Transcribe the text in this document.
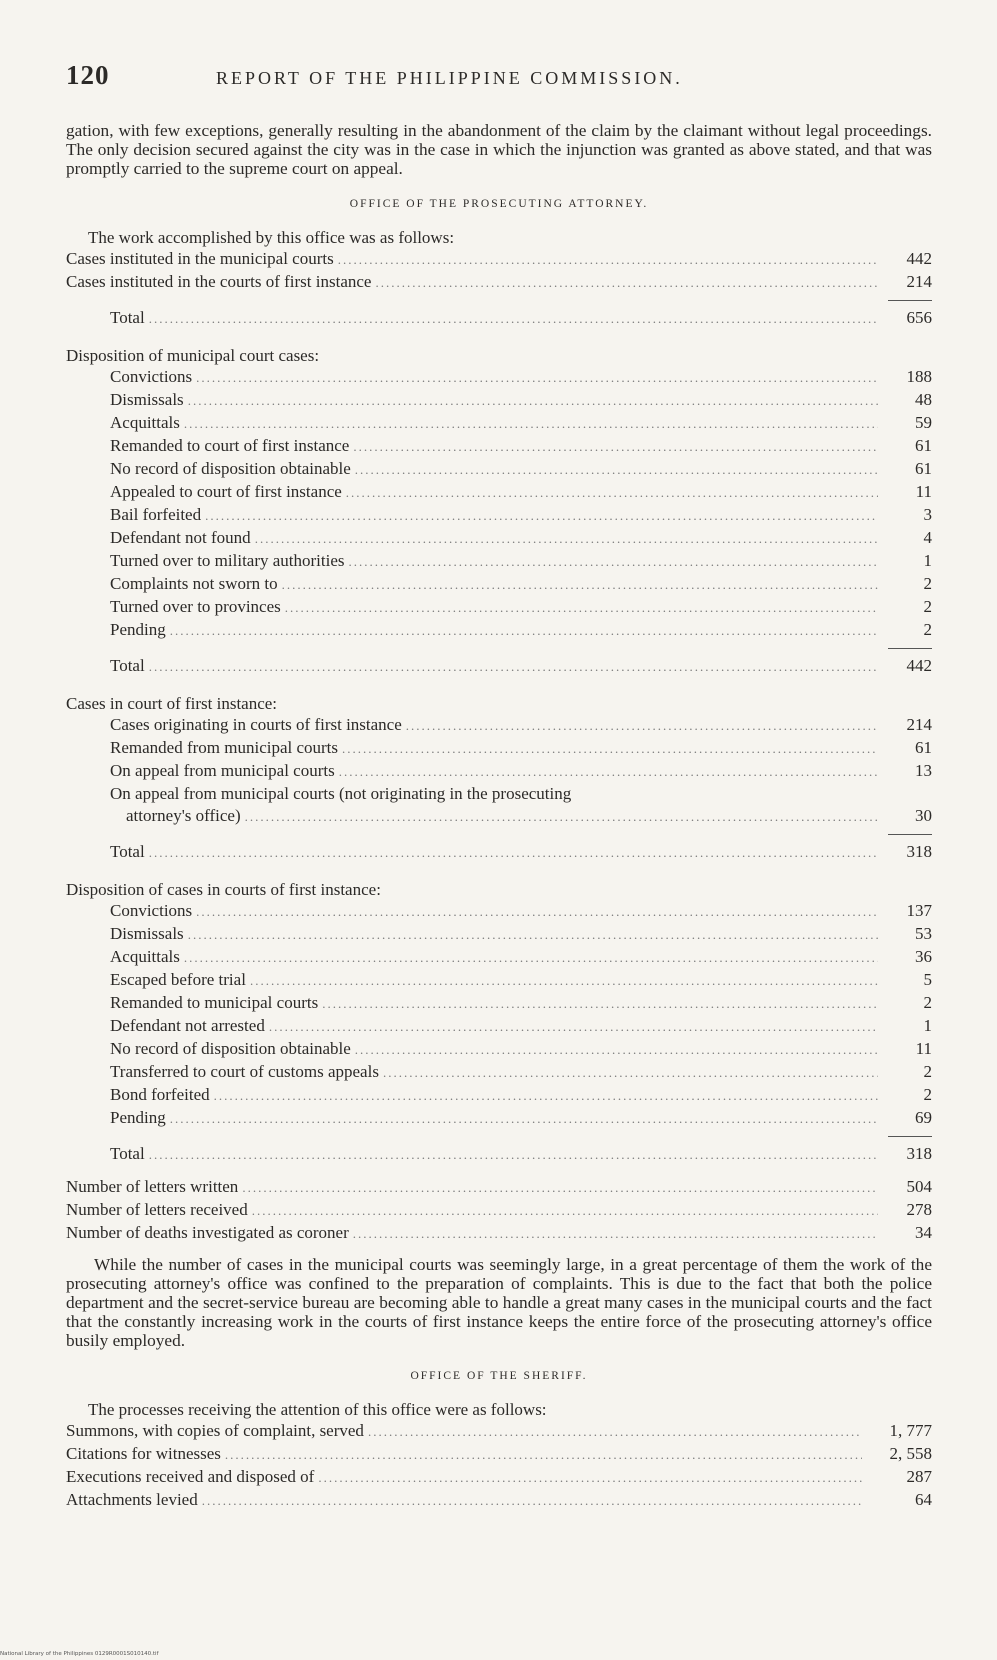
120	REPORT OF THE PHILIPPINE COMMISSION.

gation, with few exceptions, generally resulting in the abandonment of the claim by the claimant without legal proceedings. The only decision secured against the city was in the case in which the injunction was granted as above stated, and that was promptly carried to the supreme court on appeal.

OFFICE OF THE PROSECUTING ATTORNEY.
The work accomplished by this office was as follows:
Cases instituted in the municipal courts .....	442
Cases instituted in the courts of first instance .....	214
Total .....	656
Disposition of municipal court cases:
Convictions .....	188
Dismissals .....	48
Acquittals .....	59
Remanded to court of first instance .....	61
No record of disposition obtainable .....	61
Appealed to court of first instance .....	11
Bail forfeited .....	3
Defendant not found .....	4
Turned over to military authorities .....	1
Complaints not sworn to .....	2
Turned over to provinces .....	2
Pending .....	2
Total .....	442
Cases in court of first instance:
Cases originating in courts of first instance .....	214
Remanded from municipal courts .....	61
On appeal from municipal courts .....	13
On appeal from municipal courts (not originating in the prosecuting
attorney's office) .....	30
Total .....	318
Disposition of cases in courts of first instance:
Convictions .....	137
Dismissals .....	53
Acquittals .....	36
Escaped before trial .....	5
Remanded to municipal courts .....	2
Defendant not arrested .....	1
No record of disposition obtainable .....	11
Transferred to court of customs appeals .....	2
Bond forfeited .....	2
Pending .....	69
Total .....	318
Number of letters written .....	504
Number of letters received .....	278
Number of deaths investigated as coroner .....	34

While the number of cases in the municipal courts was seemingly large, in a great percentage of them the work of the prosecuting attorney's office was confined to the preparation of complaints. This is due to the fact that both the police department and the secret-service bureau are becoming able to handle a great many cases in the municipal courts and the fact that the constantly increasing work in the courts of first instance keeps the entire force of the prosecuting attorney's office busily employed.

OFFICE OF THE SHERIFF.
The processes receiving the attention of this office were as follows:
Summons, with copies of complaint, served .....	1, 777
Citations for witnesses .....	2, 558
Executions received and disposed of .....	287
Attachments levied .....	64
National Library of the Philippines 0129R0001S010140.tif
